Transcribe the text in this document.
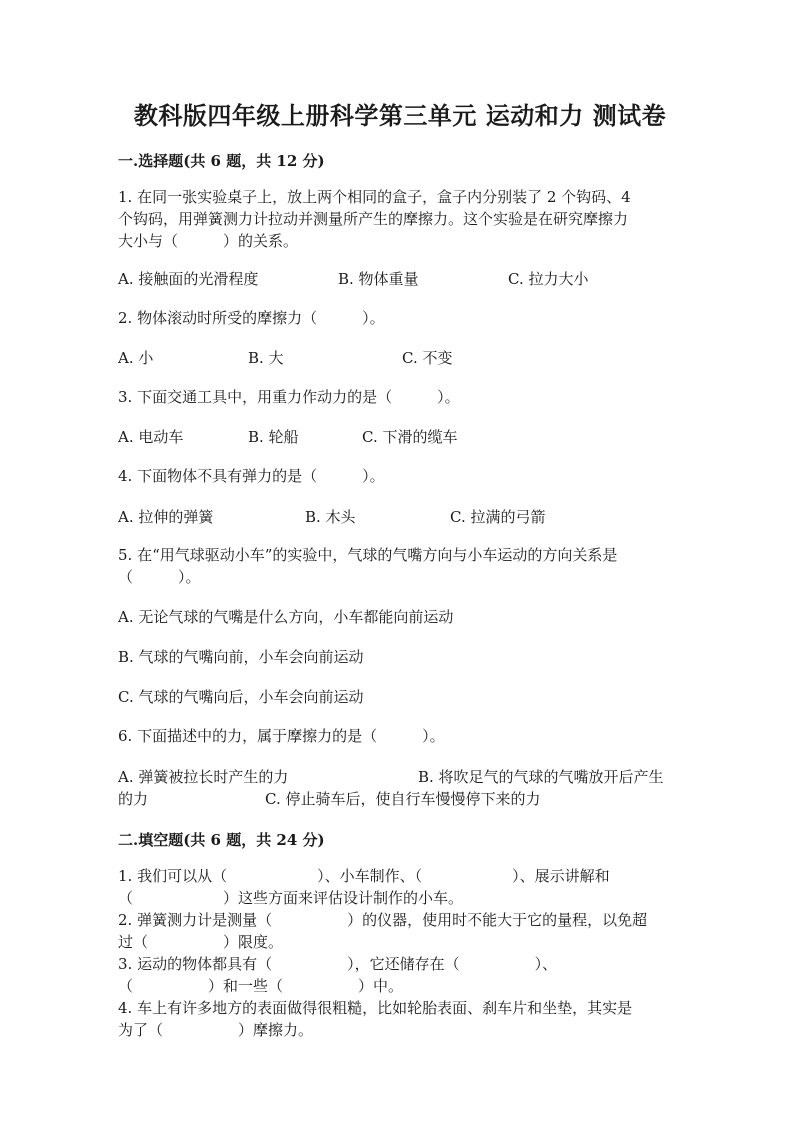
教科版四年级上册科学第三单元 运动和力 测试卷
一.选择题(共 6 题，共 12 分)
1. 在同一张实验桌子上，放上两个相同的盒子，盒子内分别装了 2 个钩码、4
个钩码，用弹簧测力计拉动并测量所产生的摩擦力。这个实验是在研究摩擦力
大小与（　　　）的关系。
A. 接触面的光滑程度	B. 物体重量	C. 拉力大小
2. 物体滚动时所受的摩擦力（　　　）。
A. 小	B. 大	C. 不变
3. 下面交通工具中，用重力作动力的是（　　　）。
A. 电动车	B. 轮船	C. 下滑的缆车
4. 下面物体不具有弹力的是（　　　）。
A. 拉伸的弹簧	B. 木头	C. 拉满的弓箭
5. 在“用气球驱动小车”的实验中，气球的气嘴方向与小车运动的方向关系是
（　　　）。
A. 无论气球的气嘴是什么方向，小车都能向前运动
B. 气球的气嘴向前，小车会向前运动
C. 气球的气嘴向后，小车会向前运动
6. 下面描述中的力，属于摩擦力的是（　　　）。
A. 弹簧被拉长时产生的力	B. 将吹足气的气球的气嘴放开后产生
的力	C. 停止骑车后，使自行车慢慢停下来的力
二.填空题(共 6 题，共 24 分)
1. 我们可以从（　　　　　　）、小车制作、（　　　　　　）、展示讲解和
（　　　　　　）这些方面来评估设计制作的小车。
2. 弹簧测力计是测量（　　　　　）的仪器，使用时不能大于它的量程，以免超
过（　　　　　）限度。
3. 运动的物体都具有（　　　　　），它还储存在（　　　　　）、
（　　　　　）和一些（　　　　　）中。
4. 车上有许多地方的表面做得很粗糙，比如轮胎表面、刹车片和坐垫，其实是
为了（　　　　　）摩擦力。
